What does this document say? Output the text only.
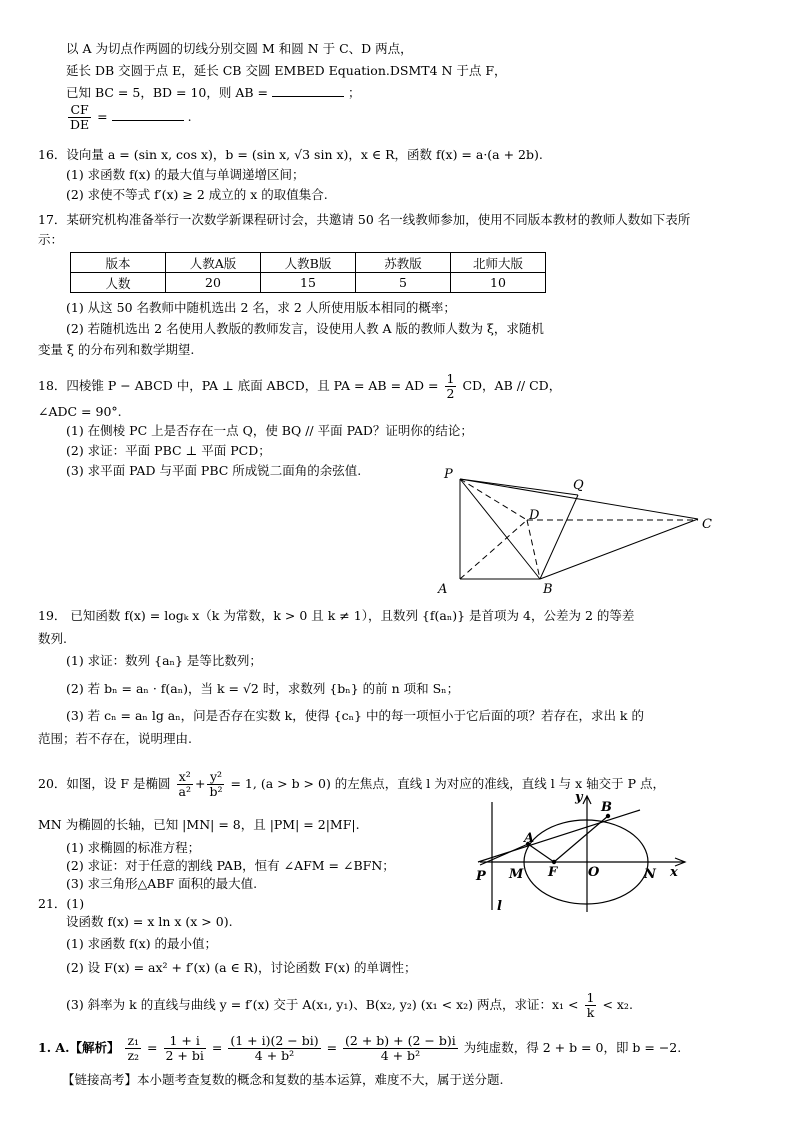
以 A 为切点作两圆的切线分别交圆 M 和圆 N 于 C、D 两点，
延长 DB 交圆于点 E，延长 CB 交圆 EMBED Equation.DSMT4 N 于点 F，
已知 BC = 5，BD = 10，则 AB =	；
$\frac{CF}{DE}$ =	.
16．设向量 a = (sin x, cos x)，b = (sin x, √3 sin x)，x ∈ R，函数 f(x) = a·(a + 2b).
(1) 求函数 f(x) 的最大值与单调递增区间；
(2) 求使不等式 f′(x) ≥ 2 成立的 x 的取值集合.
17．某研究机构准备举行一次数学新课程研讨会，共邀请 50 名一线教师参加，使用不同版本教材的教师人数如下表所
示：
版本	人教A版	人教B版	苏教版	北师大版
人数	20	15	5	10
(1) 从这 50 名教师中随机选出 2 名，求 2 人所使用版本相同的概率；
(2) 若随机选出 2 名使用人教版的教师发言，设使用人教 A 版的教师人数为 ξ，求随机
变量 ξ 的分布列和数学期望.
18．四棱锥 P − ABCD 中，PA ⊥ 底面 ABCD，且 PA = AB = AD = $\frac{1}{2}$ CD，AB // CD，
∠ADC = 90°.
(1) 在侧棱 PC 上是否存在一点 Q，使 BQ // 平面 PAD？证明你的结论；
(2) 求证：平面 PBC ⊥ 平面 PCD；
(3) 求平面 PAD 与平面 PBC 所成锐二面角的余弦值.	P
Q
D
C
A	B
19． 已知函数 f(x) = logₖ x（k 为常数，k > 0 且 k ≠ 1），且数列 {f(aₙ)} 是首项为 4，公差为 2 的等差
数列.
(1) 求证：数列 {aₙ} 是等比数列；
(2) 若 bₙ = aₙ · f(aₙ)，当 k = √2 时，求数列 {bₙ} 的前 n 项和 Sₙ；
(3) 若 cₙ = aₙ lg aₙ，问是否存在实数 k，使得 {cₙ} 中的每一项恒小于它后面的项？若存在，求出 k 的
范围；若不存在，说明理由.
20．如图，设 F 是椭圆 $\frac{\text{x²}}{\text{a²}} + \frac{\text{y²}}{\text{b²}} = 1$, (a > b > 0) 的左焦点，直线 l 为对应的准线，直线 l 与 x 轴交于 P 点，
MN 为椭圆的长轴，已知 |MN| = 8，且 |PM| = 2|MF|.
(1) 求椭圆的标准方程；
(2) 求证：对于任意的割线 PAB，恒有 ∠AFM = ∠BFN；
(3) 求三角形△ABF 面积的最大值.
y
B
A
P M F O	N x
l
21．(1)
设函数 f(x) = x ln x (x > 0).
(1) 求函数 f(x) 的最小值；
(2) 设 F(x) = ax² + f′(x) (a ∈ R)，讨论函数 F(x) 的单调性；
(3) 斜率为 k 的直线与曲线 y = f′(x) 交于 A(x₁, y₁)、B(x₂, y₂) (x₁ < x₂) 两点，求证：$x_1 < \frac{1}{k} < x_2$.
1. A.【解析】 $\frac{\text{z₁}}{\text{z₂}} = \frac{1 + i}{2 + bi} = \frac{(1 + i)(2 - bi)}{\text{4 + b²}} = \frac{(2 + b) + (2 - b)i}{\text{4 + b²}}$ 为纯虚数，得 2 + b = 0，即 b = −2.
【链接高考】本小题考查复数的概念和复数的基本运算，难度不大，属于送分题.
